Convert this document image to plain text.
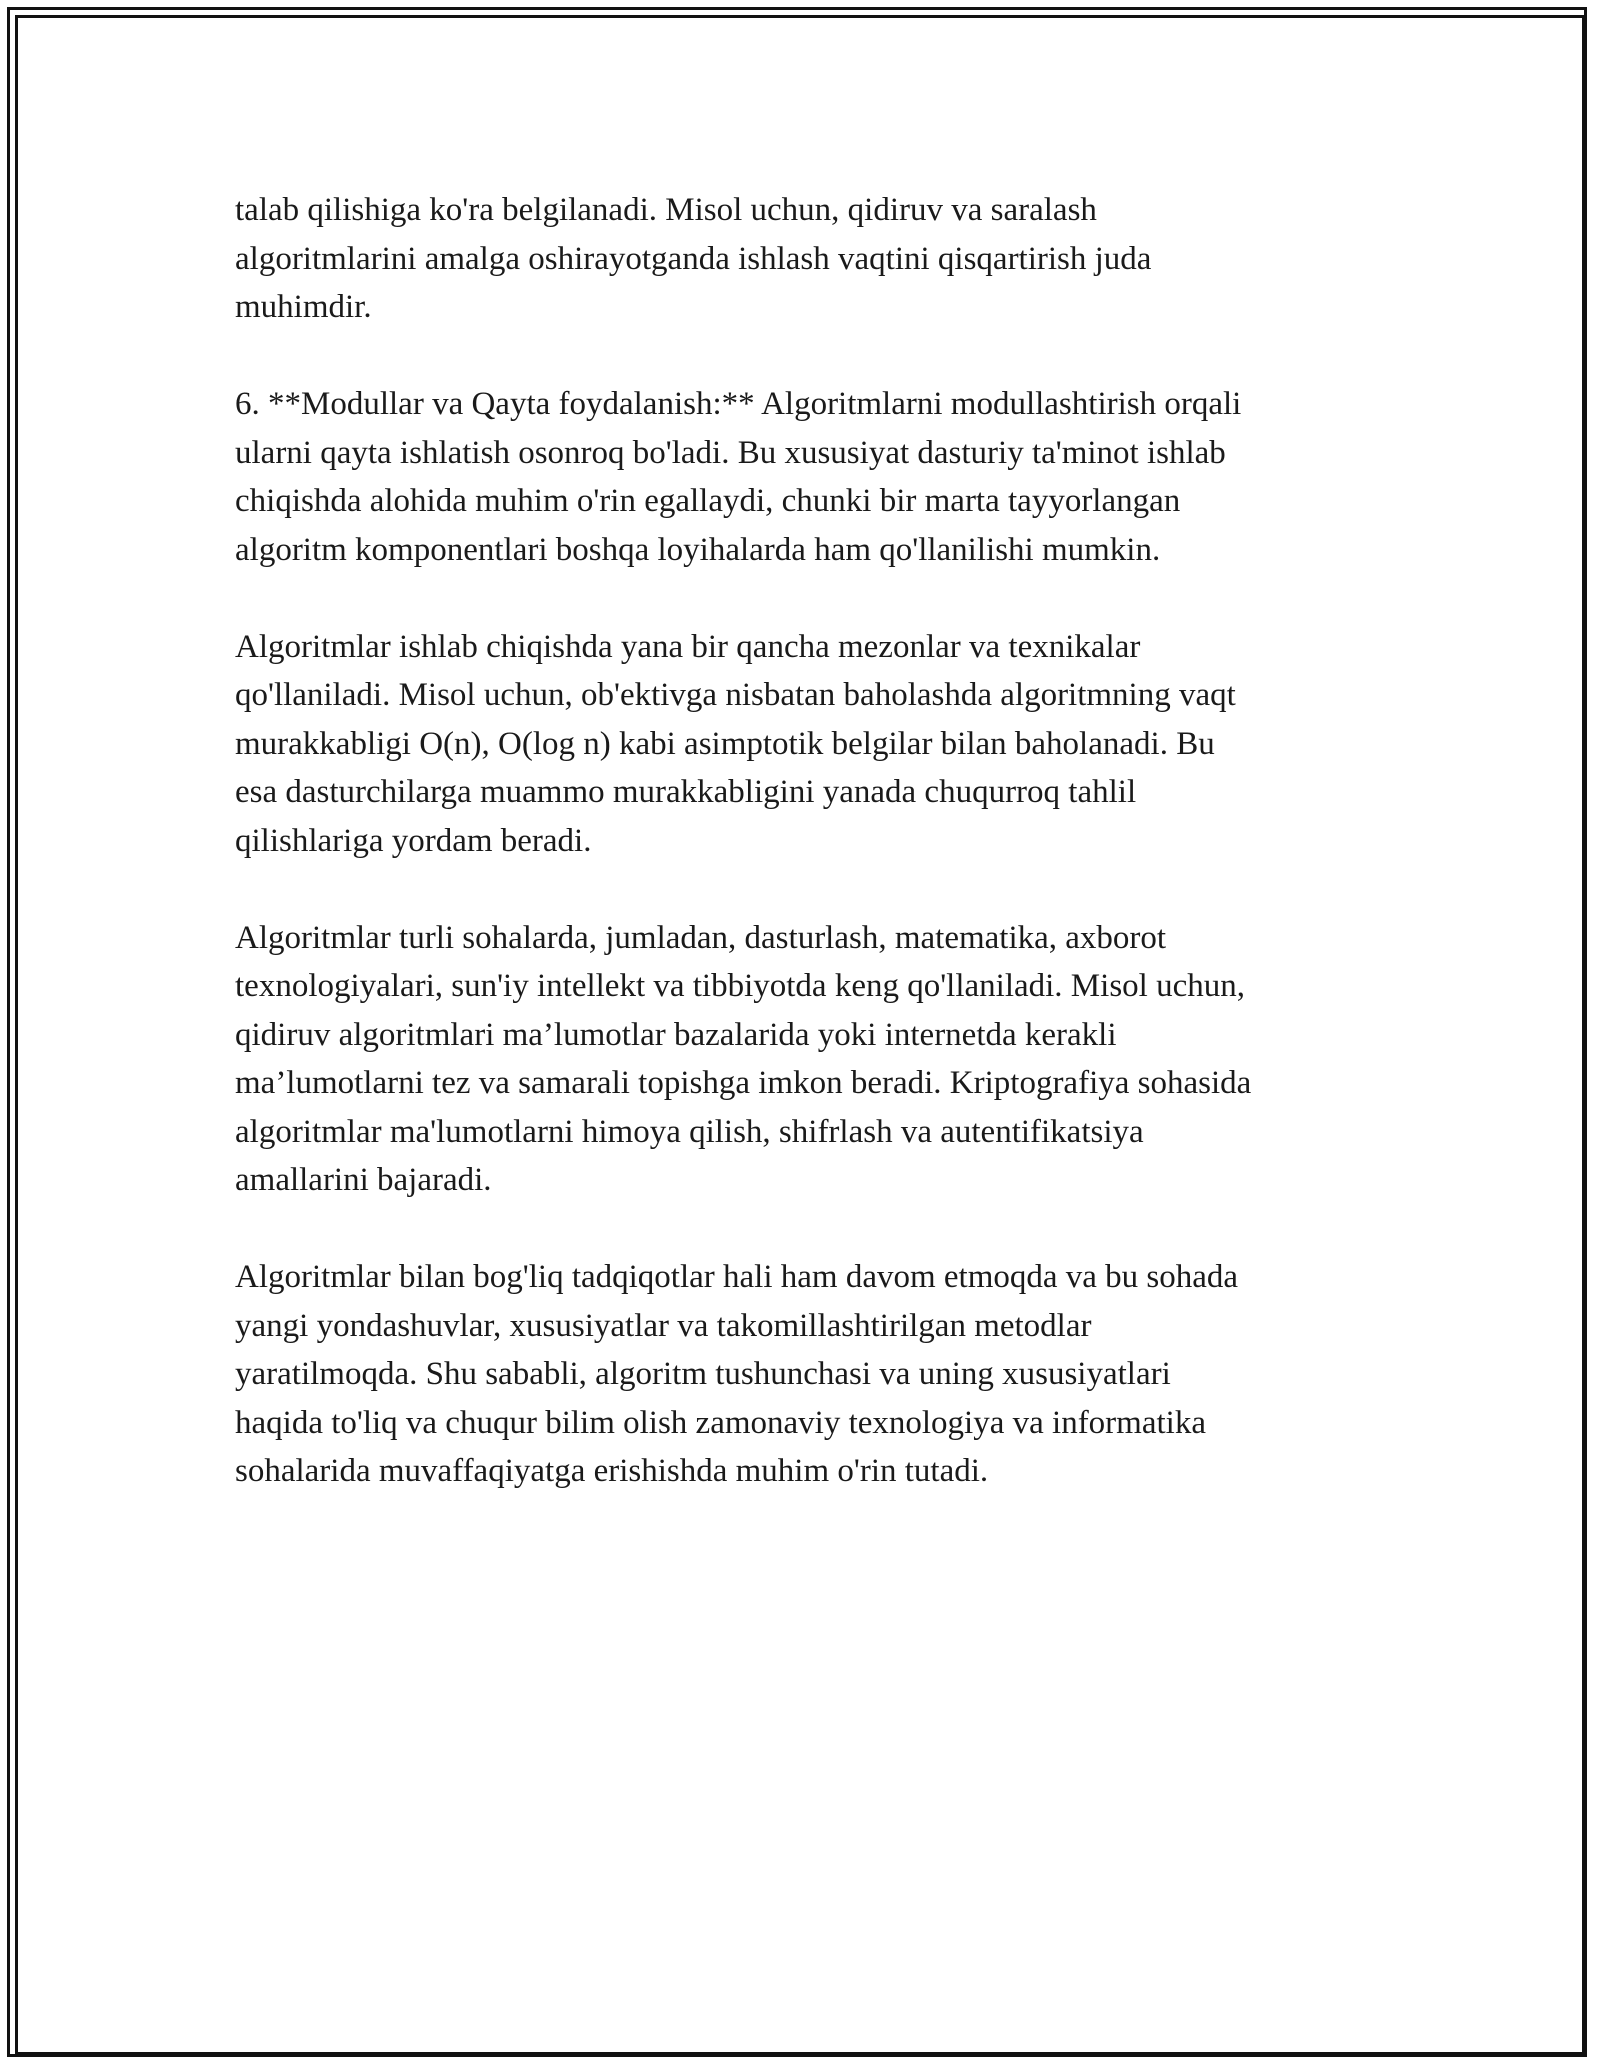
talab qilishiga ko'ra belgilanadi. Misol uchun, qidiruv va saralash
algoritmlarini amalga oshirayotganda ishlash vaqtini qisqartirish juda
muhimdir.

6. **Modullar va Qayta foydalanish:** Algoritmlarni modullashtirish orqali
ularni qayta ishlatish osonroq bo'ladi. Bu xususiyat dasturiy ta'minot ishlab
chiqishda alohida muhim o'rin egallaydi, chunki bir marta tayyorlangan
algoritm komponentlari boshqa loyihalarda ham qo'llanilishi mumkin.

Algoritmlar ishlab chiqishda yana bir qancha mezonlar va texnikalar
qo'llaniladi. Misol uchun, ob'ektivga nisbatan baholashda algoritmning vaqt
murakkabligi O(n), O(log n) kabi asimptotik belgilar bilan baholanadi. Bu
esa dasturchilarga muammo murakkabligini yanada chuqurroq tahlil
qilishlariga yordam beradi.

Algoritmlar turli sohalarda, jumladan, dasturlash, matematika, axborot
texnologiyalari, sun'iy intellekt va tibbiyotda keng qo'llaniladi. Misol uchun,
qidiruv algoritmlari ma’lumotlar bazalarida yoki internetda kerakli
ma’lumotlarni tez va samarali topishga imkon beradi. Kriptografiya sohasida
algoritmlar ma'lumotlarni himoya qilish, shifrlash va autentifikatsiya
amallarini bajaradi.

Algoritmlar bilan bog'liq tadqiqotlar hali ham davom etmoqda va bu sohada
yangi yondashuvlar, xususiyatlar va takomillashtirilgan metodlar
yaratilmoqda. Shu sababli, algoritm tushunchasi va uning xususiyatlari
haqida to'liq va chuqur bilim olish zamonaviy texnologiya va informatika
sohalarida muvaffaqiyatga erishishda muhim o'rin tutadi.
